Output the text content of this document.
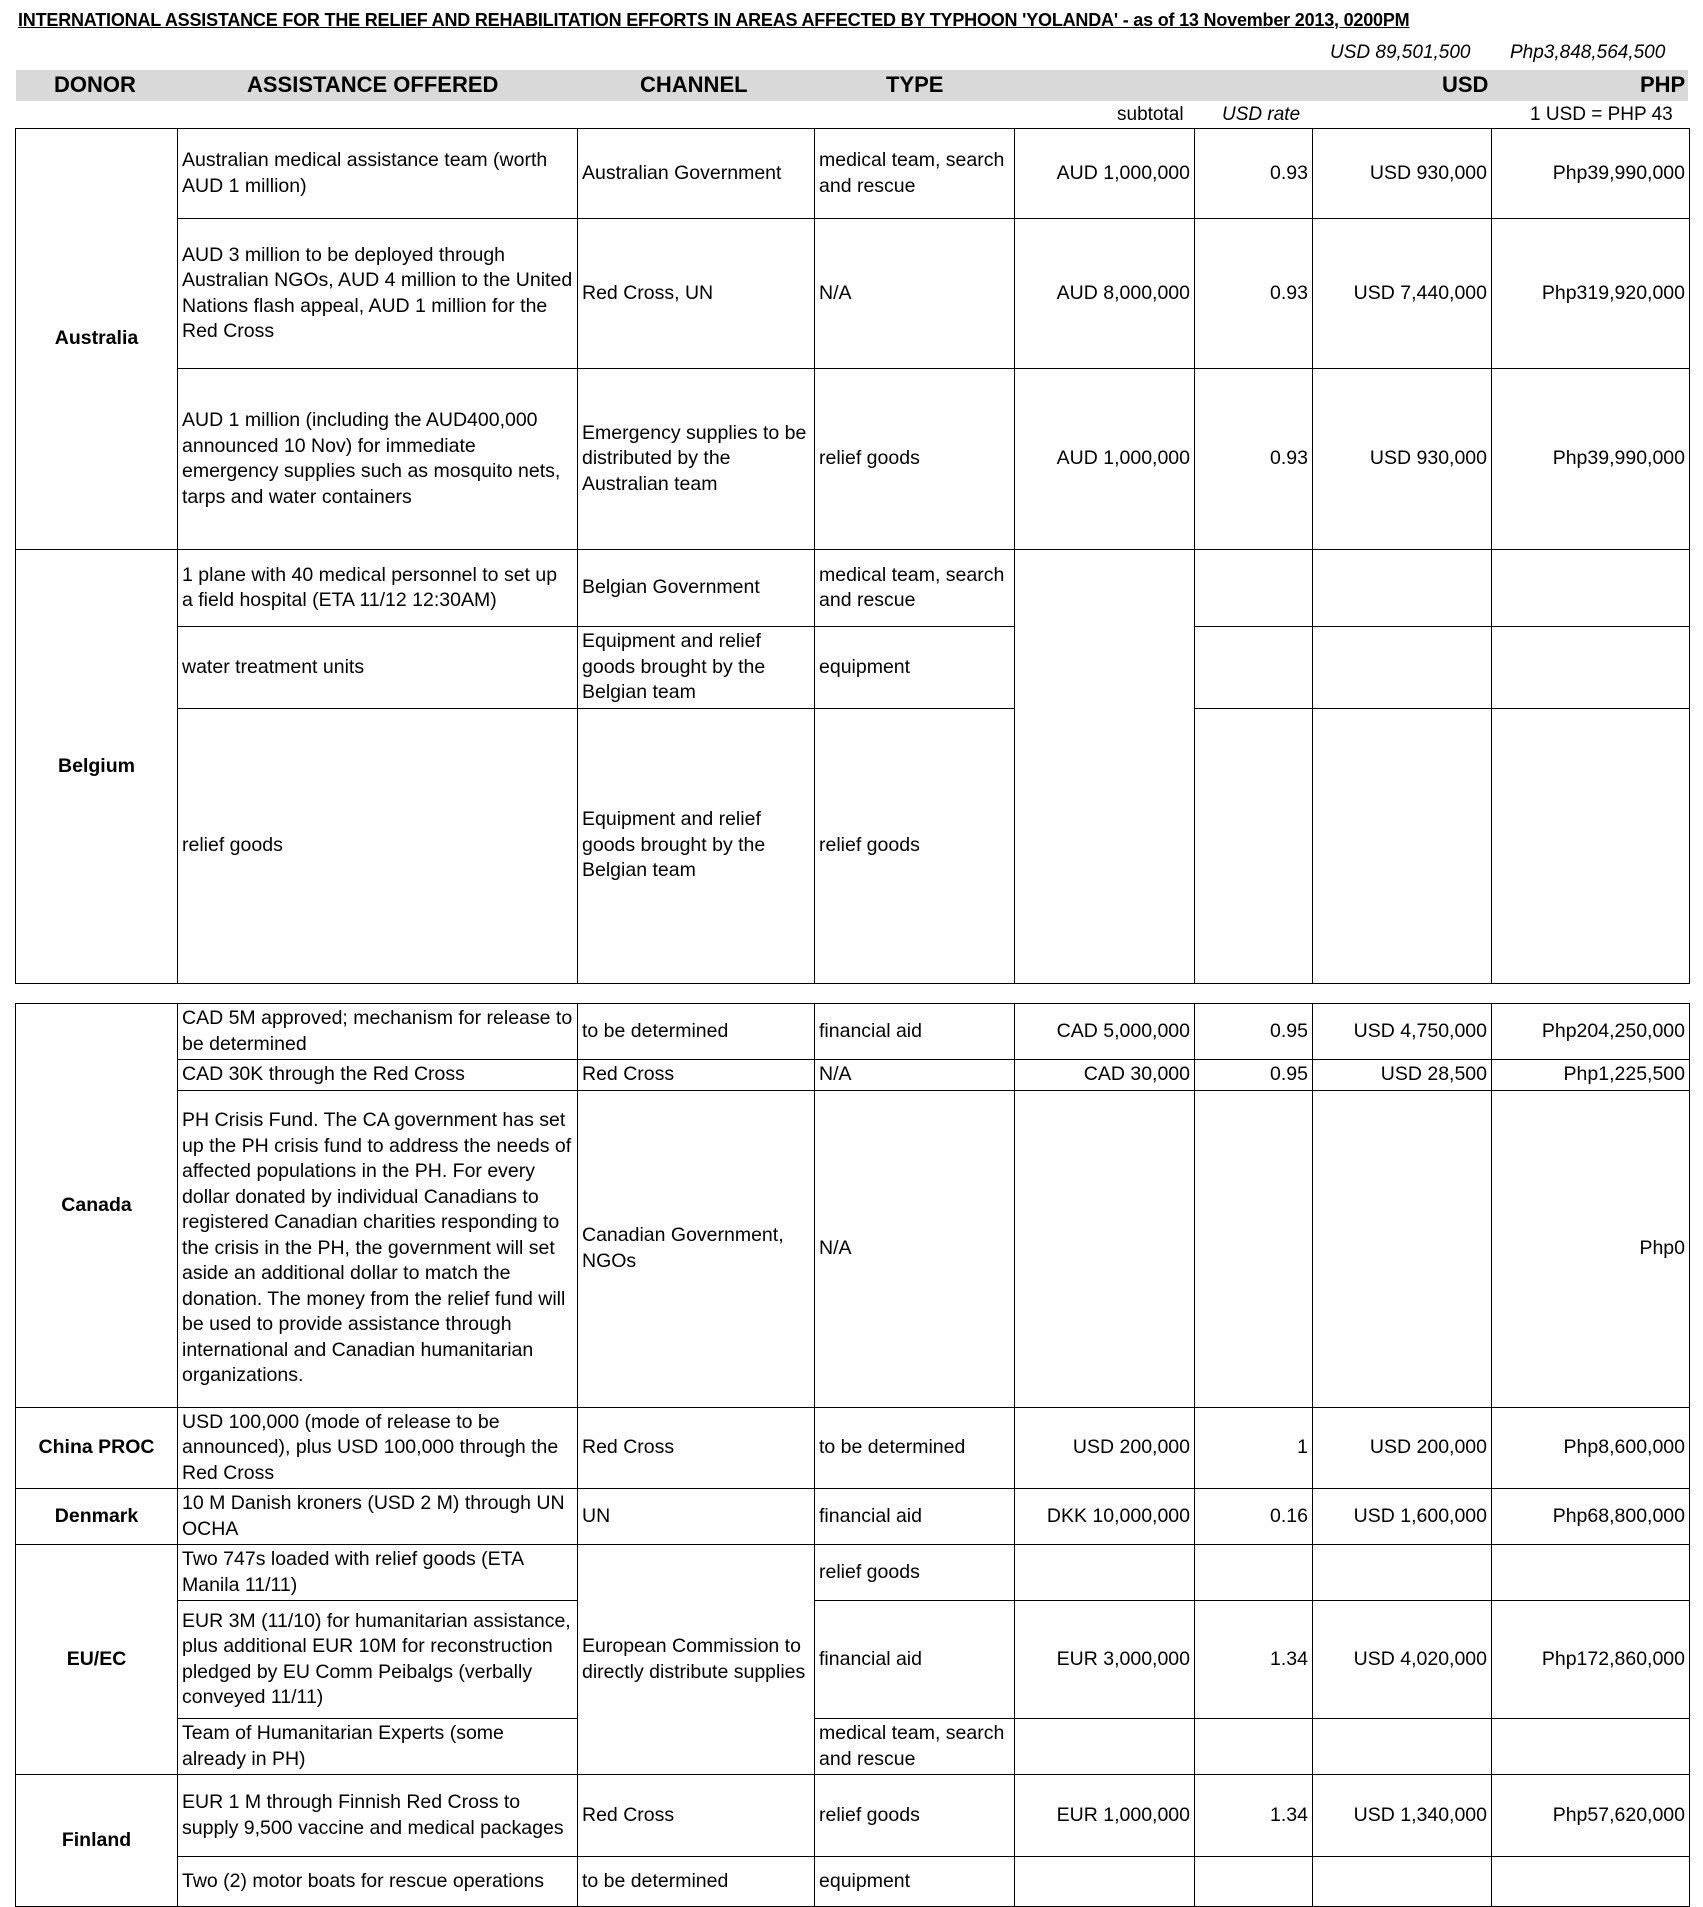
INTERNATIONAL ASSISTANCE FOR THE RELIEF AND REHABILITATION EFFORTS IN AREAS AFFECTED BY TYPHOON 'YOLANDA' - as of 13 November 2013, 0200PM
USD 89,501,500 Php3,848,564,500
DONOR	ASSISTANCE OFFERED	CHANNEL	TYPE	USD	PHP
subtotal USD rate	1 USD = PHP 43
Australia	Australian medical assistance team (worth AUD 1 million)	Australian Government	medical team, search and rescue	AUD 1,000,000	0.93	USD 930,000	Php39,990,000
	AUD 3 million to be deployed through Australian NGOs, AUD 4 million to the United Nations flash appeal, AUD 1 million for the Red Cross	Red Cross, UN	N/A	AUD 8,000,000	0.93	USD 7,440,000	Php319,920,000
	AUD 1 million (including the AUD400,000 announced 10 Nov) for immediate emergency supplies such as mosquito nets, tarps and water containers	Emergency supplies to be distributed by the Australian team	relief goods	AUD 1,000,000	0.93	USD 930,000	Php39,990,000
Belgium	1 plane with 40 medical personnel to set up a field hospital (ETA 11/12 12:30AM)	Belgian Government	medical team, search and rescue				
	water treatment units	Equipment and relief goods brought by the Belgian team	equipment				
	relief goods	Equipment and relief goods brought by the Belgian team	relief goods				
Canada	CAD 5M approved; mechanism for release to be determined	to be determined	financial aid	CAD 5,000,000	0.95	USD 4,750,000	Php204,250,000
	CAD 30K through the Red Cross	Red Cross	N/A	CAD 30,000	0.95	USD 28,500	Php1,225,500
	PH Crisis Fund. The CA government has set up the PH crisis fund to address the needs of affected populations in the PH. For every dollar donated by individual Canadians to registered Canadian charities responding to the crisis in the PH, the government will set aside an additional dollar to match the donation. The money from the relief fund will be used to provide assistance through international and Canadian humanitarian organizations.	Canadian Government, NGOs	N/A				Php0
China PROC	USD 100,000 (mode of release to be announced), plus USD 100,000 through the Red Cross	Red Cross	to be determined	USD 200,000	1	USD 200,000	Php8,600,000
Denmark	10 M Danish kroners (USD 2 M) through UN OCHA	UN	financial aid	DKK 10,000,000	0.16	USD 1,600,000	Php68,800,000
EU/EC	Two 747s loaded with relief goods (ETA Manila 11/11)	European Commission to directly distribute supplies	relief goods				
	EUR 3M (11/10) for humanitarian assistance, plus additional EUR 10M for reconstruction pledged by EU Comm Peibalgs (verbally conveyed 11/11)		financial aid	EUR 3,000,000	1.34	USD 4,020,000	Php172,860,000
	Team of Humanitarian Experts (some already in PH)		medical team, search and rescue				
Finland	EUR 1 M through Finnish Red Cross to supply 9,500 vaccine and medical packages	Red Cross	relief goods	EUR 1,000,000	1.34	USD 1,340,000	Php57,620,000
	Two (2) motor boats for rescue operations	to be determined	equipment				
